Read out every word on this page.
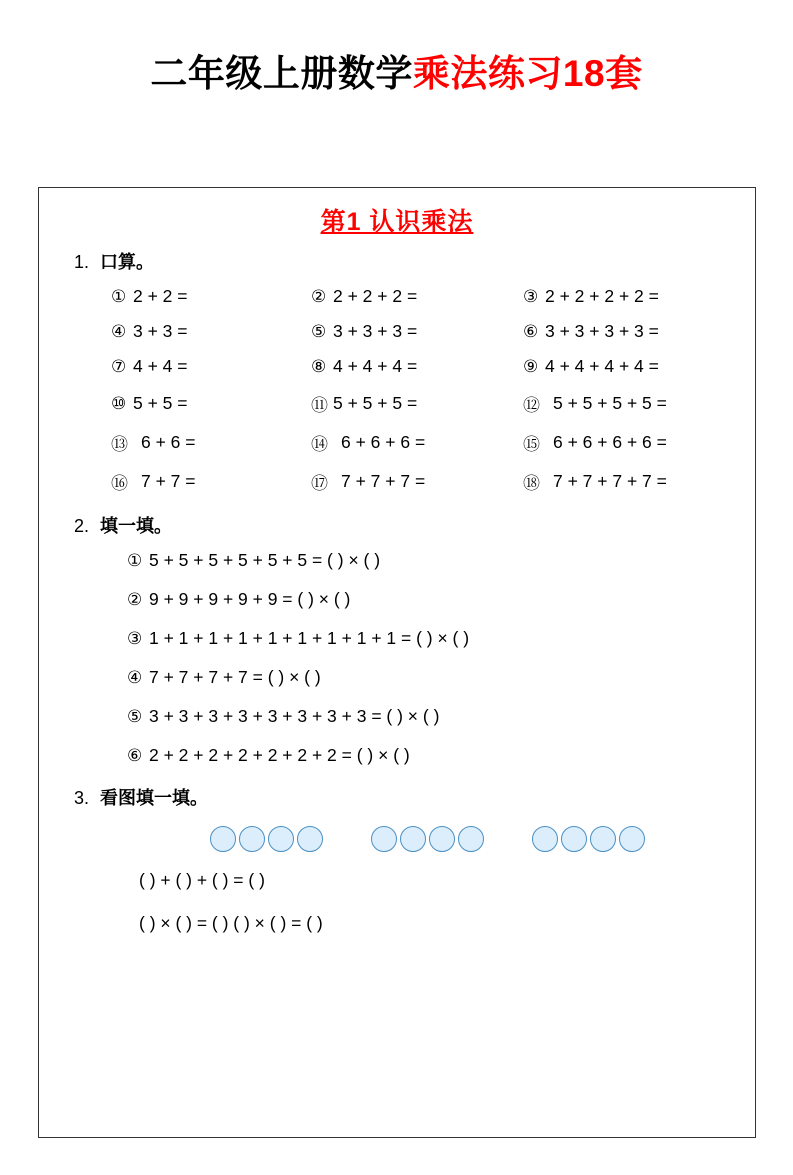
二年级上册数学乘法练习18套
第1 认识乘法
1. 口算。
① 2 + 2 =	② 2 + 2 + 2 =	③ 2 + 2 + 2 + 2 =
④ 3 + 3 =	⑤ 3 + 3 + 3 =	⑥ 3 + 3 + 3 + 3 =
⑦ 4 + 4 =	⑧ 4 + 4 + 4 =	⑨ 4 + 4 + 4 + 4 =
⑩ 5 + 5 =	⑪ 5 + 5 + 5 =	⑫ 5 + 5 + 5 + 5 =
⑬ 6 + 6 =	⑭ 6 + 6 + 6 =	⑮ 6 + 6 + 6 + 6 =
⑯ 7 + 7 =	⑰ 7 + 7 + 7 =	⑱ 7 + 7 + 7 + 7 =
2. 填一填。
① 5 + 5 + 5 + 5 + 5 + 5 = ( ) × ( )
② 9 + 9 + 9 + 9 + 9 = ( ) × ( )
③ 1 + 1 + 1 + 1 + 1 + 1 + 1 + 1 + 1 = ( ) × ( )
④ 7 + 7 + 7 + 7 = ( ) × ( )
⑤ 3 + 3 + 3 + 3 + 3 + 3 + 3 + 3 = ( ) × ( )
⑥ 2 + 2 + 2 + 2 + 2 + 2 + 2 = ( ) × ( )
3. 看图填一填。
( ) + ( ) + ( ) = ( )
( ) × ( ) = ( ) ( ) × ( ) = ( )
